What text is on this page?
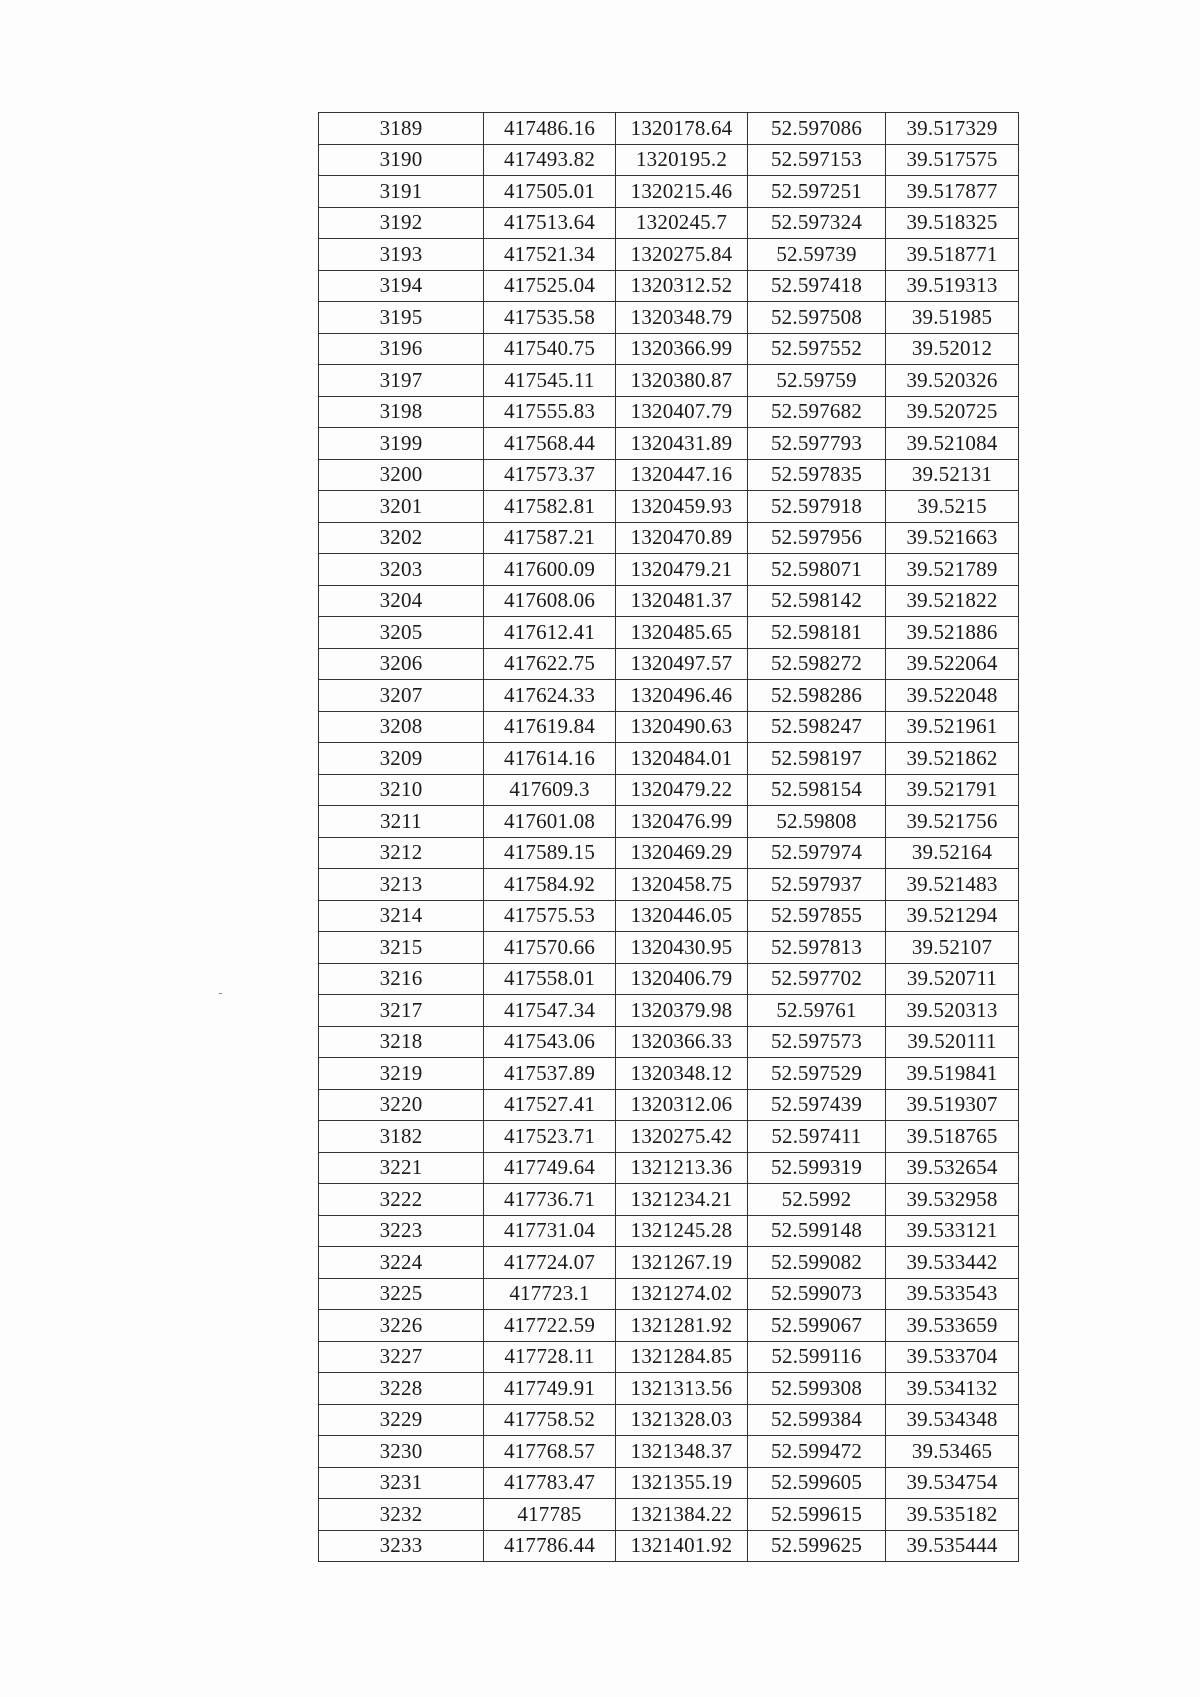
3189	417486.16	1320178.64	52.597086	39.517329
3190	417493.82	1320195.2	52.597153	39.517575
3191	417505.01	1320215.46	52.597251	39.517877
3192	417513.64	1320245.7	52.597324	39.518325
3193	417521.34	1320275.84	52.59739	39.518771
3194	417525.04	1320312.52	52.597418	39.519313
3195	417535.58	1320348.79	52.597508	39.51985
3196	417540.75	1320366.99	52.597552	39.52012
3197	417545.11	1320380.87	52.59759	39.520326
3198	417555.83	1320407.79	52.597682	39.520725
3199	417568.44	1320431.89	52.597793	39.521084
3200	417573.37	1320447.16	52.597835	39.52131
3201	417582.81	1320459.93	52.597918	39.5215
3202	417587.21	1320470.89	52.597956	39.521663
3203	417600.09	1320479.21	52.598071	39.521789
3204	417608.06	1320481.37	52.598142	39.521822
3205	417612.41	1320485.65	52.598181	39.521886
3206	417622.75	1320497.57	52.598272	39.522064
3207	417624.33	1320496.46	52.598286	39.522048
3208	417619.84	1320490.63	52.598247	39.521961
3209	417614.16	1320484.01	52.598197	39.521862
3210	417609.3	1320479.22	52.598154	39.521791
3211	417601.08	1320476.99	52.59808	39.521756
3212	417589.15	1320469.29	52.597974	39.52164
3213	417584.92	1320458.75	52.597937	39.521483
3214	417575.53	1320446.05	52.597855	39.521294
3215	417570.66	1320430.95	52.597813	39.52107
3216	417558.01	1320406.79	52.597702	39.520711
3217	417547.34	1320379.98	52.59761	39.520313
3218	417543.06	1320366.33	52.597573	39.520111
3219	417537.89	1320348.12	52.597529	39.519841
3220	417527.41	1320312.06	52.597439	39.519307
3182	417523.71	1320275.42	52.597411	39.518765
3221	417749.64	1321213.36	52.599319	39.532654
3222	417736.71	1321234.21	52.5992	39.532958
3223	417731.04	1321245.28	52.599148	39.533121
3224	417724.07	1321267.19	52.599082	39.533442
3225	417723.1	1321274.02	52.599073	39.533543
3226	417722.59	1321281.92	52.599067	39.533659
3227	417728.11	1321284.85	52.599116	39.533704
3228	417749.91	1321313.56	52.599308	39.534132
3229	417758.52	1321328.03	52.599384	39.534348
3230	417768.57	1321348.37	52.599472	39.53465
3231	417783.47	1321355.19	52.599605	39.534754
3232	417785	1321384.22	52.599615	39.535182
3233	417786.44	1321401.92	52.599625	39.535444
